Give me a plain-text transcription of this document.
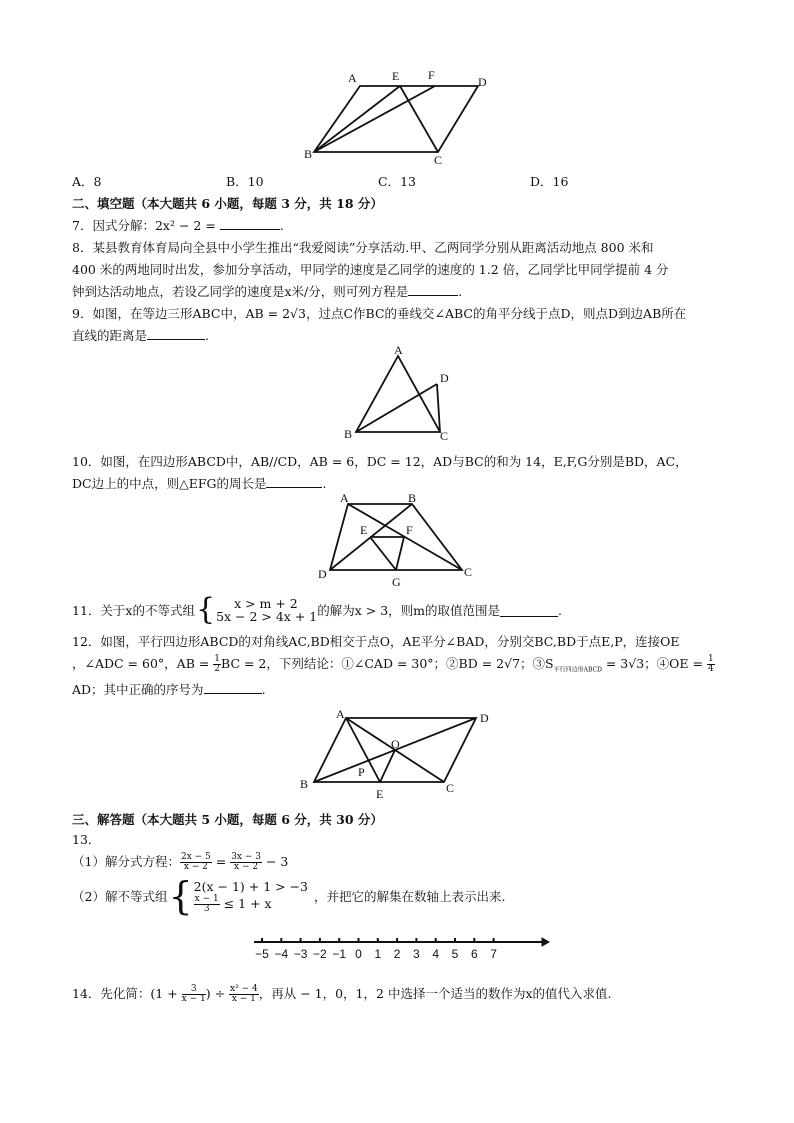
A	E F	D
B	C
A．8	B．10	C．13	D．16
二、填空题（本大题共 6 小题，每题 3 分，共 18 分）
7．因式分解：2x² − 2 =	.
8．某县教育体育局向全县中小学生推出“我爱阅读”分享活动.甲、乙两同学分别从距离活动地点 800 米和
400 米的两地同时出发，参加分享活动，甲同学的速度是乙同学的速度的 1.2 倍，乙同学比甲同学提前 4 分
钟到达活动地点，若设乙同学的速度是x米/分，则可列方程是	.
9．如图，在等边三形ABC中，AB = 2√3，过点C作BC的垂线交∠ABC的角平分线于点D，则点D到边AB所在
直线的距离是	.
A
B	C
D
10．如图，在四边形ABCD中，AB//CD，AB = 6，DC = 12，AD与BC的和为 14，E,F,G分别是BD，AC，
DC边上的中点，则△EFG的周长是	.
A	B
E	F
D	C
G
11．关于x的不等式组 {	x > m + 2
5x − 2 > 4x + 1 的解为x > 3，则m的取值范围是	.
12．如图，平行四边形ABCD的对角线AC,BD相交于点O，AE平分∠BAD，分别交BC,BD于点E,P，连接OE
，∠ADC = 60°，AB = $\frac{1}{2}$ BC = 2，下列结论：①∠CAD = 30°；②BD = 2√7；$③S_{平行四边形ABCD} = 3√3$；④OE = $\frac{1}{4}$
AD；其中正确的序号为	.
A	D
O
P
B
E	C
三、解答题（本大题共 5 小题，每题 6 分，共 30 分）
13．
（1）解分式方程： $\frac{2x - 5}{x - 2} = \frac{3x - 3}{x - 2} - 3$
（2）解不等式组 { 2(x − 1) + 1 > −3
$\frac{x - 1}{3} \le 1 + x$	，并把它的解集在数轴上表示出来.
−5 −4 −3 −2 −1 0 1 2 3 4 5 6 7
14．先化简：($1 + \frac{3}{x - 1}$ ) ÷ $\frac{\text{x² − 4}}{x - 1}$ ，再从 − 1，0，1，2 中选择一个适当的数作为x的值代入求值.
